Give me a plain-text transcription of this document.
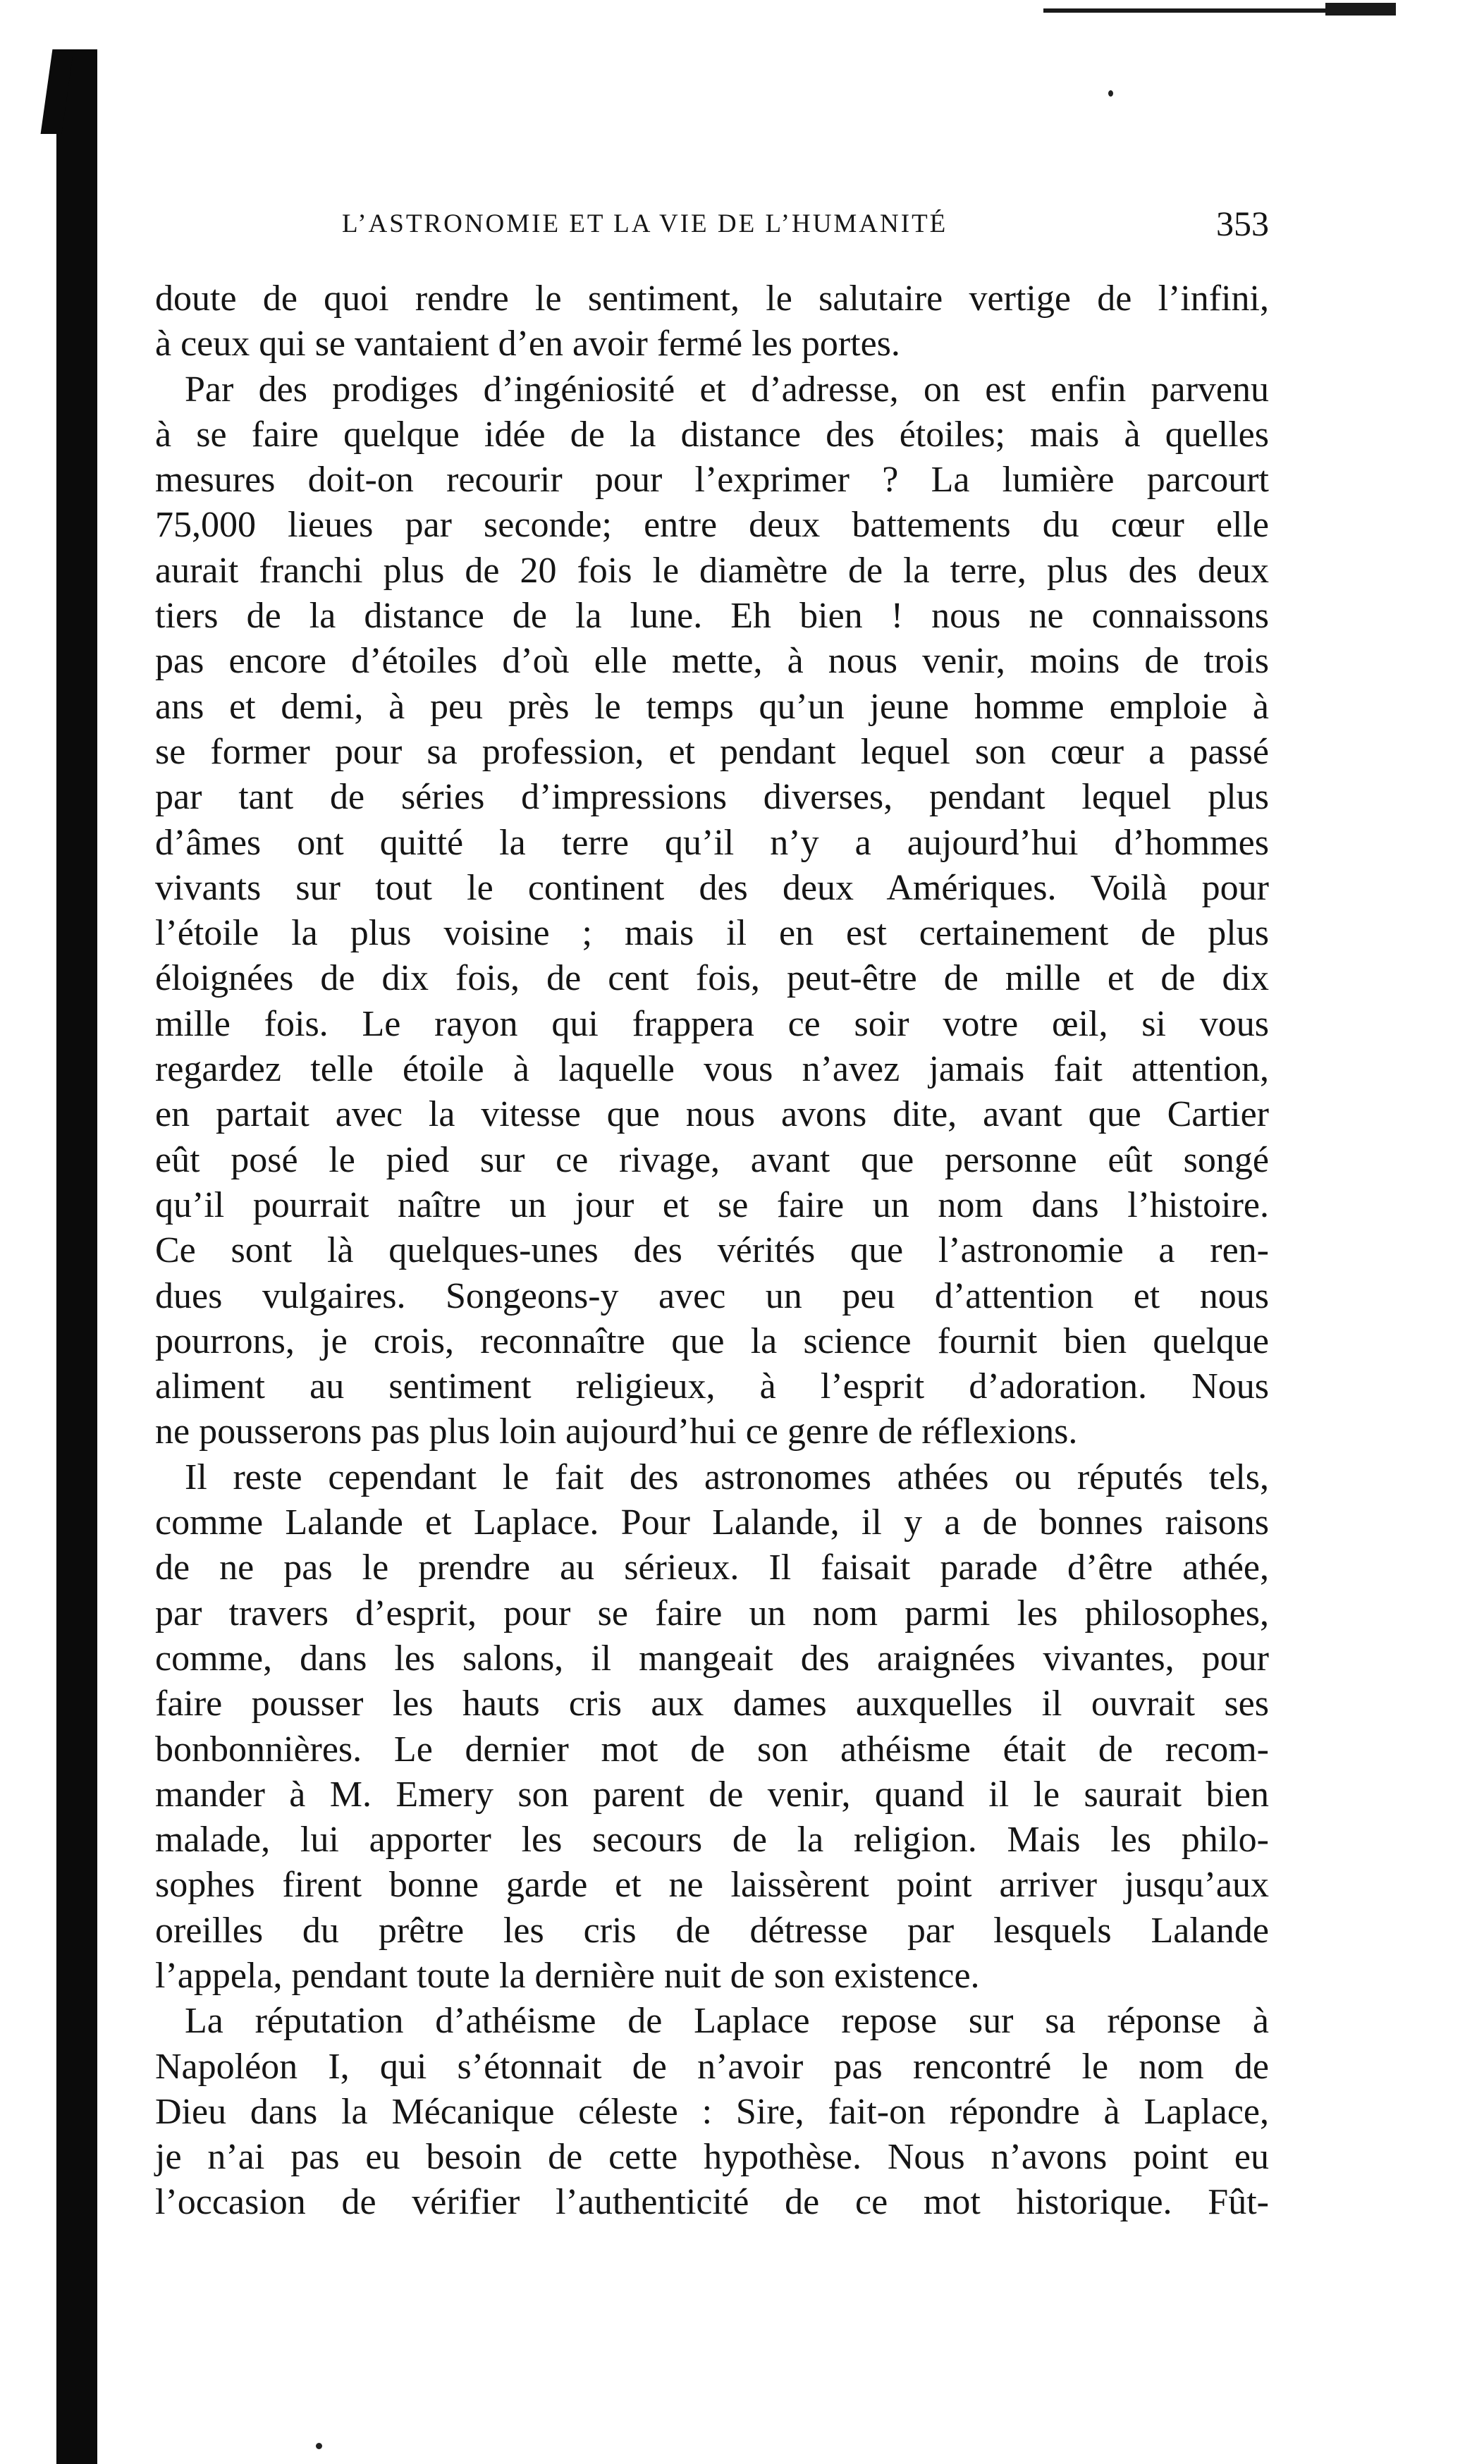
L’ASTRONOMIE ET LA VIE DE L’HUMANITÉ	353
doute de quoi rendre le sentiment, le salutaire vertige de l’infini,
à ceux qui se vantaient d’en avoir fermé les portes.
Par des prodiges d’ingéniosité et d’adresse, on est enfin parvenu
à se faire quelque idée de la distance des étoiles; mais à quelles
mesures doit-on recourir pour l’exprimer ? La lumière parcourt
75,000 lieues par seconde; entre deux battements du cœur elle
aurait franchi plus de 20 fois le diamètre de la terre, plus des deux
tiers de la distance de la lune. Eh bien ! nous ne connaissons
pas encore d’étoiles d’où elle mette, à nous venir, moins de trois
ans et demi, à peu près le temps qu’un jeune homme emploie à
se former pour sa profession, et pendant lequel son cœur a passé
par tant de séries d’impressions diverses, pendant lequel plus
d’âmes ont quitté la terre qu’il n’y a aujourd’hui d’hommes
vivants sur tout le continent des deux Amériques. Voilà pour
l’étoile la plus voisine ; mais il en est certainement de plus
éloignées de dix fois, de cent fois, peut-être de mille et de dix
mille fois. Le rayon qui frappera ce soir votre œil, si vous
regardez telle étoile à laquelle vous n’avez jamais fait attention,
en partait avec la vitesse que nous avons dite, avant que Cartier
eût posé le pied sur ce rivage, avant que personne eût songé
qu’il pourrait naître un jour et se faire un nom dans l’histoire.
Ce sont là quelques-unes des vérités que l’astronomie a ren-
dues vulgaires. Songeons-y avec un peu d’attention et nous
pourrons, je crois, reconnaître que la science fournit bien quelque
aliment au sentiment religieux, à l’esprit d’adoration. Nous
ne pousserons pas plus loin aujourd’hui ce genre de réflexions.
Il reste cependant le fait des astronomes athées ou réputés tels,
comme Lalande et Laplace. Pour Lalande, il y a de bonnes raisons
de ne pas le prendre au sérieux. Il faisait parade d’être athée,
par travers d’esprit, pour se faire un nom parmi les philosophes,
comme, dans les salons, il mangeait des araignées vivantes, pour
faire pousser les hauts cris aux dames auxquelles il ouvrait ses
bonbonnières. Le dernier mot de son athéisme était de recom-
mander à M. Emery son parent de venir, quand il le saurait bien
malade, lui apporter les secours de la religion. Mais les philo-
sophes firent bonne garde et ne laissèrent point arriver jusqu’aux
oreilles du prêtre les cris de détresse par lesquels Lalande
l’appela, pendant toute la dernière nuit de son existence.
La réputation d’athéisme de Laplace repose sur sa réponse à
Napoléon I, qui s’étonnait de n’avoir pas rencontré le nom de
Dieu dans la Mécanique céleste : Sire, fait-on répondre à Laplace,
je n’ai pas eu besoin de cette hypothèse. Nous n’avons point eu
l’occasion de vérifier l’authenticité de ce mot historique. Fût-
